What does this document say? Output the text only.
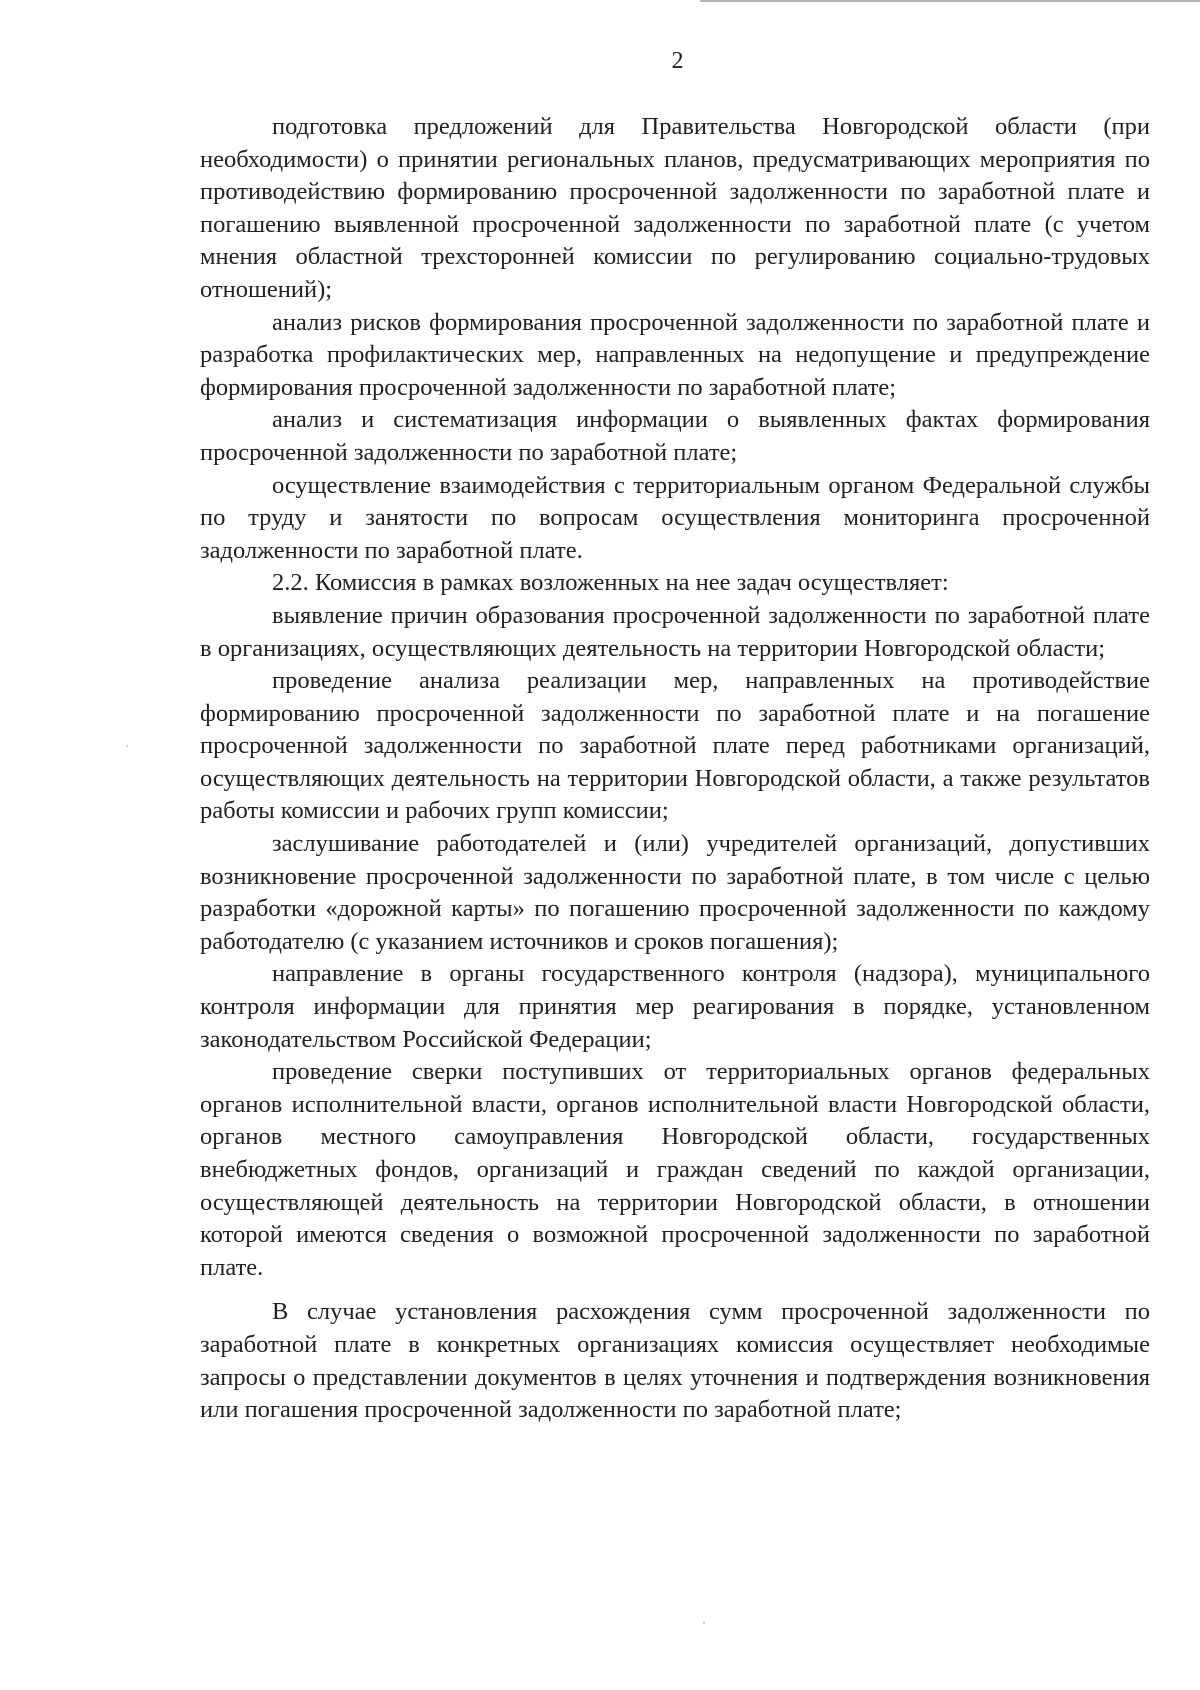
2

подготовка предложений для Правительства Новгородской области (при необходимости) о принятии региональных планов, предусматривающих мероприятия по противодействию формированию просроченной задолженности по заработной плате и погашению выявленной просроченной задолженности по заработной плате (с учетом мнения областной трехсторонней комиссии по регулированию социально-трудовых отношений);

анализ рисков формирования просроченной задолженности по заработной плате и разработка профилактических мер, направленных на недопущение и предупреждение формирования просроченной задолженности по заработной плате;

анализ и систематизация информации о выявленных фактах формирования просроченной задолженности по заработной плате;

осуществление взаимодействия с территориальным органом Федеральной службы по труду и занятости по вопросам осуществления мониторинга просроченной задолженности по заработной плате.

2.2. Комиссия в рамках возложенных на нее задач осуществляет:

выявление причин образования просроченной задолженности по заработной плате в организациях, осуществляющих деятельность на территории Новгородской области;

проведение анализа реализации мер, направленных на противодействие формированию просроченной задолженности по заработной плате и на погашение просроченной задолженности по заработной плате перед работниками организаций, осуществляющих деятельность на территории Новгородской области, а также результатов работы комиссии и рабочих групп комиссии;

заслушивание работодателей и (или) учредителей организаций, допустивших возникновение просроченной задолженности по заработной плате, в том числе с целью разработки «дорожной карты» по погашению просроченной задолженности по каждому работодателю (с указанием источников и сроков погашения);

направление в органы государственного контроля (надзора), муниципального контроля информации для принятия мер реагирования в порядке, установленном законодательством Российской Федерации;

проведение сверки поступивших от территориальных органов федеральных органов исполнительной власти, органов исполнительной власти Новгородской области, органов местного самоуправления Новгородской области, государственных внебюджетных фондов, организаций и граждан сведений по каждой организации, осуществляющей деятельность на территории Новгородской области, в отношении которой имеются сведения о возможной просроченной задолженности по заработной плате.

В случае установления расхождения сумм просроченной задолженности по заработной плате в конкретных организациях комиссия осуществляет необходимые запросы о представлении документов в целях уточнения и подтверждения возникновения или погашения просроченной задолженности по заработной плате;
